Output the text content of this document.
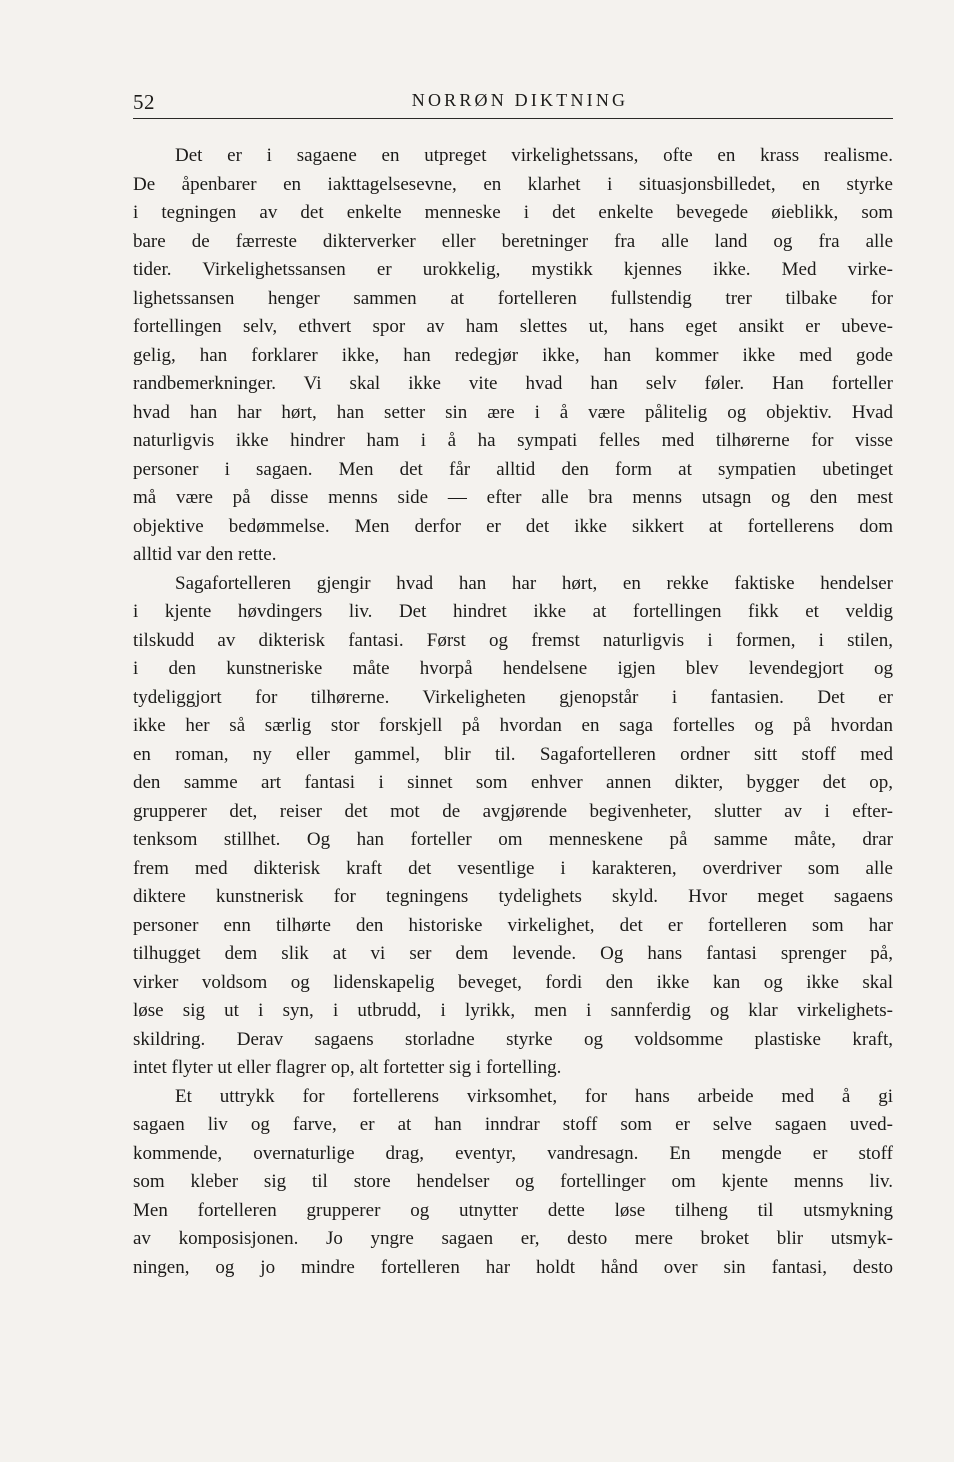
52	NORRØN DIKTNING
Det er i sagaene en utpreget virkelighetssans, ofte en krass realisme.
De åpenbarer en iakttagelsesevne, en klarhet i situasjonsbilledet, en styrke
i tegningen av det enkelte menneske i det enkelte bevegede øieblikk, som
bare de færreste dikterverker eller beretninger fra alle land og fra alle
tider. Virkelighetssansen er urokkelig, mystikk kjennes ikke. Med virke-
lighetssansen henger sammen at fortelleren fullstendig trer tilbake for
fortellingen selv, ethvert spor av ham slettes ut, hans eget ansikt er ubeve-
gelig, han forklarer ikke, han redegjør ikke, han kommer ikke med gode
randbemerkninger. Vi skal ikke vite hvad han selv føler. Han forteller
hvad han har hørt, han setter sin ære i å være pålitelig og objektiv. Hvad
naturligvis ikke hindrer ham i å ha sympati felles med tilhørerne for visse
personer i sagaen. Men det får alltid den form at sympatien ubetinget
må være på disse menns side — efter alle bra menns utsagn og den mest
objektive bedømmelse. Men derfor er det ikke sikkert at fortellerens dom
alltid var den rette.
Sagafortelleren gjengir hvad han har hørt, en rekke faktiske hendelser
i kjente høvdingers liv. Det hindret ikke at fortellingen fikk et veldig
tilskudd av dikterisk fantasi. Først og fremst naturligvis i formen, i stilen,
i den kunstneriske måte hvorpå hendelsene igjen blev levendegjort og
tydeliggjort for tilhørerne. Virkeligheten gjenopstår i fantasien. Det er
ikke her så særlig stor forskjell på hvordan en saga fortelles og på hvordan
en roman, ny eller gammel, blir til. Sagafortelleren ordner sitt stoff med
den samme art fantasi i sinnet som enhver annen dikter, bygger det op,
grupperer det, reiser det mot de avgjørende begivenheter, slutter av i efter-
tenksom stillhet. Og han forteller om menneskene på samme måte, drar
frem med dikterisk kraft det vesentlige i karakteren, overdriver som alle
diktere kunstnerisk for tegningens tydelighets skyld. Hvor meget sagaens
personer enn tilhørte den historiske virkelighet, det er fortelleren som har
tilhugget dem slik at vi ser dem levende. Og hans fantasi sprenger på,
virker voldsom og lidenskapelig beveget, fordi den ikke kan og ikke skal
løse sig ut i syn, i utbrudd, i lyrikk, men i sannferdig og klar virkelighets-
skildring. Derav sagaens storladne styrke og voldsomme plastiske kraft,
intet flyter ut eller flagrer op, alt fortetter sig i fortelling.
Et uttrykk for fortellerens virksomhet, for hans arbeide med å gi
sagaen liv og farve, er at han inndrar stoff som er selve sagaen uved-
kommende, overnaturlige drag, eventyr, vandresagn. En mengde er stoff
som kleber sig til store hendelser og fortellinger om kjente menns liv.
Men fortelleren grupperer og utnytter dette løse tilheng til utsmykning
av komposisjonen. Jo yngre sagaen er, desto mere broket blir utsmyk-
ningen, og jo mindre fortelleren har holdt hånd over sin fantasi, desto
